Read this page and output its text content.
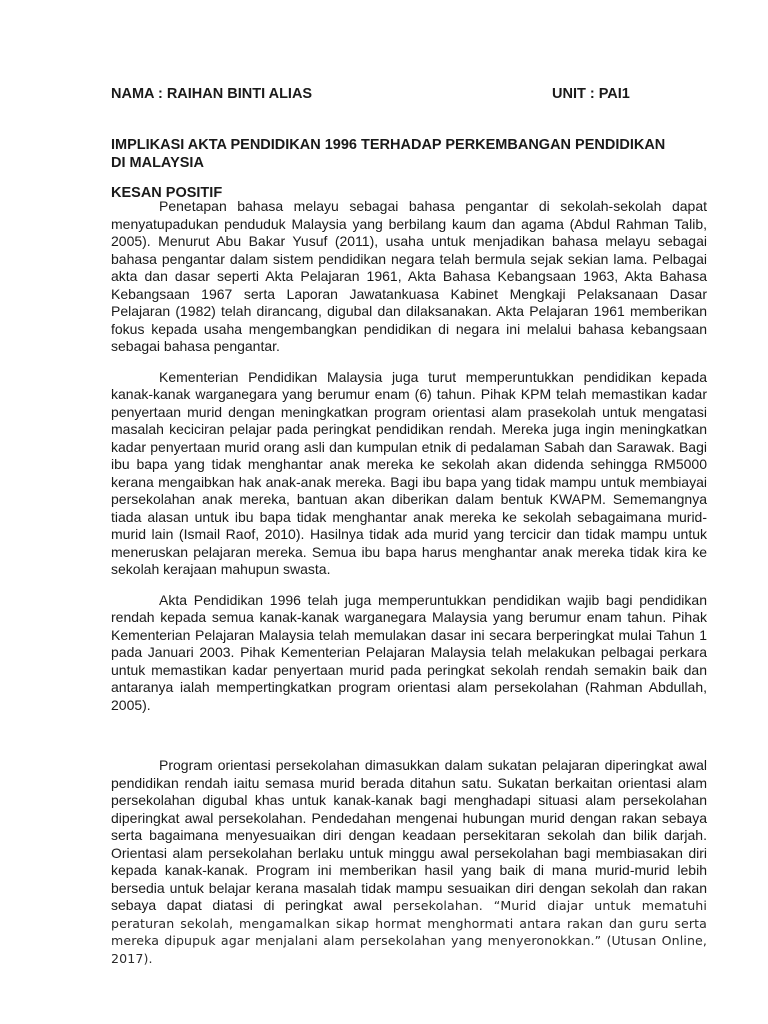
NAMA : RAIHAN BINTI ALIAS	UNIT : PAI1
IMPLIKASI AKTA PENDIDIKAN 1996 TERHADAP PERKEMBANGAN PENDIDIKAN DI MALAYSIA
KESAN POSITIF

Penetapan bahasa melayu sebagai bahasa pengantar di sekolah-sekolah dapat menyatupadukan penduduk Malaysia yang berbilang kaum dan agama (Abdul Rahman Talib, 2005). Menurut Abu Bakar Yusuf (2011), usaha untuk menjadikan bahasa melayu sebagai bahasa pengantar dalam sistem pendidikan negara telah bermula sejak sekian lama. Pelbagai akta dan dasar seperti Akta Pelajaran 1961, Akta Bahasa Kebangsaan 1963, Akta Bahasa Kebangsaan 1967 serta Laporan Jawatankuasa Kabinet Mengkaji Pelaksanaan Dasar Pelajaran (1982) telah dirancang, digubal dan dilaksanakan. Akta Pelajaran 1961 memberikan fokus kepada usaha mengembangkan pendidikan di negara ini melalui bahasa kebangsaan sebagai bahasa pengantar.

Kementerian Pendidikan Malaysia juga turut memperuntukkan pendidikan kepada kanak-kanak warganegara yang berumur enam (6) tahun. Pihak KPM telah memastikan kadar penyertaan murid dengan meningkatkan program orientasi alam prasekolah untuk mengatasi masalah keciciran pelajar pada peringkat pendidikan rendah. Mereka juga ingin meningkatkan kadar penyertaan murid orang asli dan kumpulan etnik di pedalaman Sabah dan Sarawak. Bagi ibu bapa yang tidak menghantar anak mereka ke sekolah akan didenda sehingga RM5000 kerana mengaibkan hak anak-anak mereka. Bagi ibu bapa yang tidak mampu untuk membiayai persekolahan anak mereka, bantuan akan diberikan dalam bentuk KWAPM. Sememangnya tiada alasan untuk ibu bapa tidak menghantar anak mereka ke sekolah sebagaimana murid-murid lain (Ismail Raof, 2010). Hasilnya tidak ada murid yang tercicir dan tidak mampu untuk meneruskan pelajaran mereka. Semua ibu bapa harus menghantar anak mereka tidak kira ke sekolah kerajaan mahupun swasta.

Akta Pendidikan 1996 telah juga memperuntukkan pendidikan wajib bagi pendidikan rendah kepada semua kanak-kanak warganegara Malaysia yang berumur enam tahun. Pihak Kementerian Pelajaran Malaysia telah memulakan dasar ini secara berperingkat mulai Tahun 1 pada Januari 2003. Pihak Kementerian Pelajaran Malaysia telah melakukan pelbagai perkara untuk memastikan kadar penyertaan murid pada peringkat sekolah rendah semakin baik dan antaranya ialah mempertingkatkan program orientasi alam persekolahan (Rahman Abdullah, 2005).

Program orientasi persekolahan dimasukkan dalam sukatan pelajaran diperingkat awal pendidikan rendah iaitu semasa murid berada ditahun satu. Sukatan berkaitan orientasi alam persekolahan digubal khas untuk kanak-kanak bagi menghadapi situasi alam persekolahan diperingkat awal persekolahan. Pendedahan mengenai hubungan murid dengan rakan sebaya serta bagaimana menyesuaikan diri dengan keadaan persekitaran sekolah dan bilik darjah. Orientasi alam persekolahan berlaku untuk minggu awal persekolahan bagi membiasakan diri kepada kanak-kanak. Program ini memberikan hasil yang baik di mana murid-murid lebih bersedia untuk belajar kerana masalah tidak mampu sesuaikan diri dengan sekolah dan rakan sebaya dapat diatasi di peringkat awal persekolahan. “Murid diajar untuk mematuhi peraturan sekolah, mengamalkan sikap hormat menghormati antara rakan dan guru serta mereka dipupuk agar menjalani alam persekolahan yang menyeronokkan.” (Utusan Online, 2017).
